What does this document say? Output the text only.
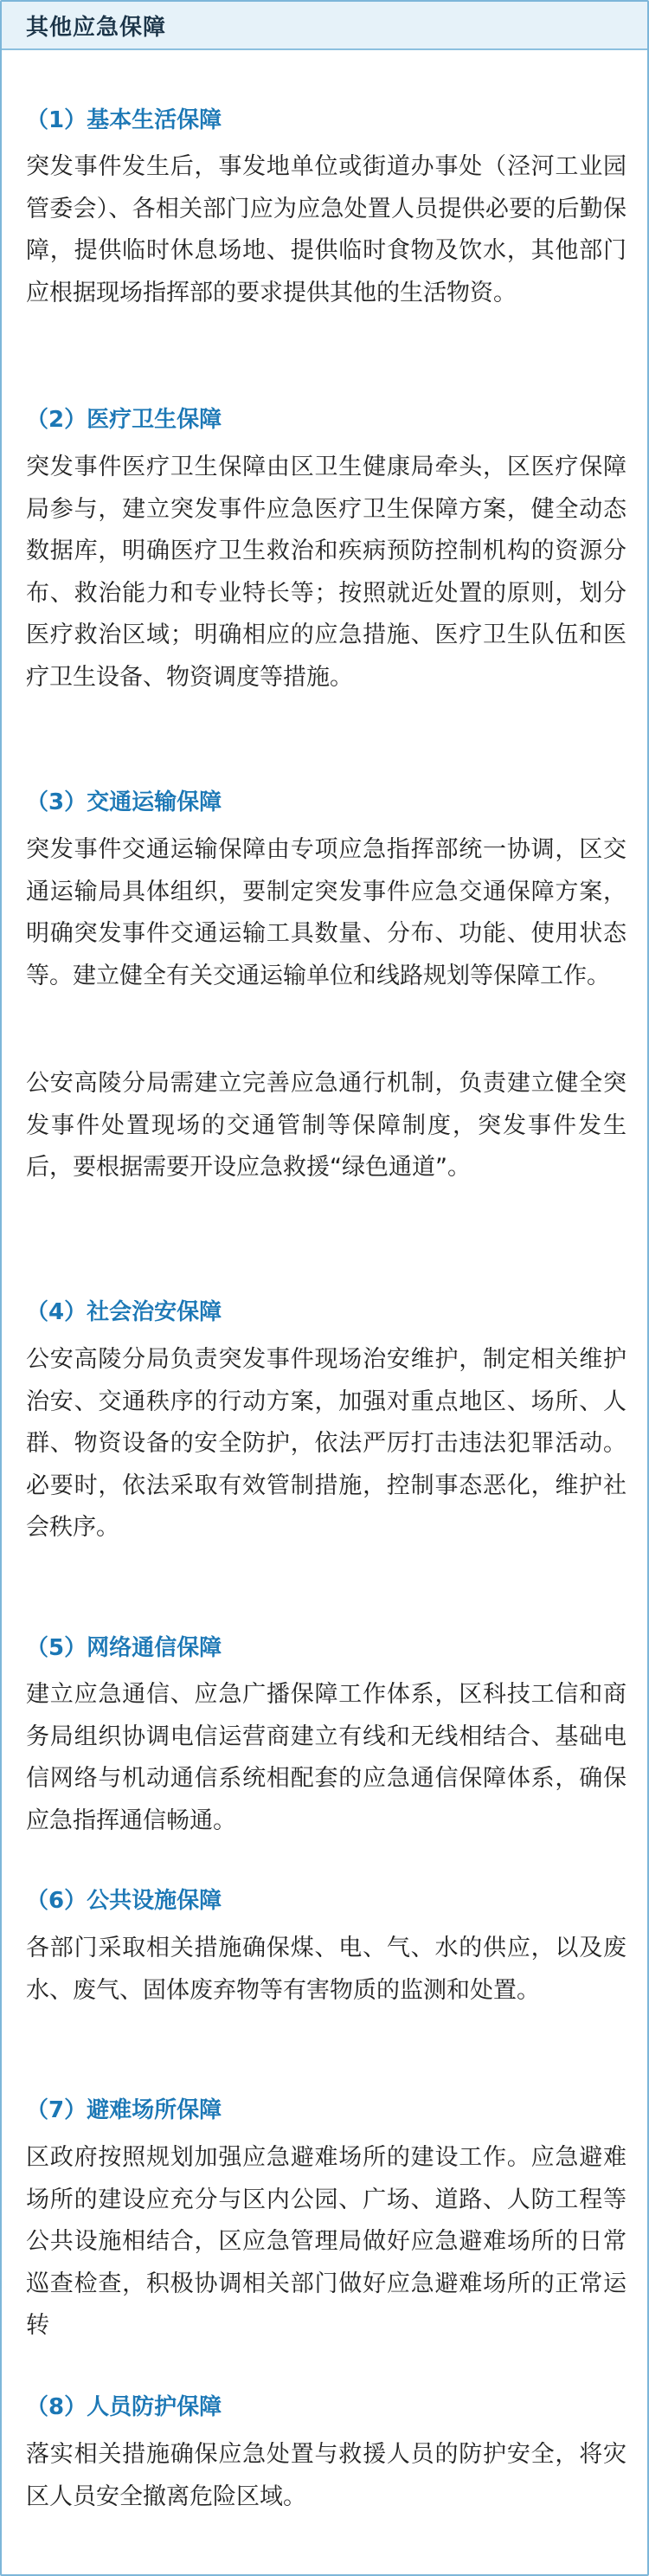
其他应急保障
（1）基本生活保障

突发事件发生后，事发地单位或街道办事处（泾河工业园管委会）、各相关部门应为应急处置人员提供必要的后勤保障，提供临时休息场地、提供临时食物及饮水，其他部门应根据现场指挥部的要求提供其他的生活物资。

（2）医疗卫生保障

突发事件医疗卫生保障由区卫生健康局牵头，区医疗保障局参与，建立突发事件应急医疗卫生保障方案，健全动态数据库，明确医疗卫生救治和疾病预防控制机构的资源分布、救治能力和专业特长等；按照就近处置的原则，划分医疗救治区域；明确相应的应急措施、医疗卫生队伍和医疗卫生设备、物资调度等措施。

（3）交通运输保障

突发事件交通运输保障由专项应急指挥部统一协调，区交通运输局具体组织，要制定突发事件应急交通保障方案，明确突发事件交通运输工具数量、分布、功能、使用状态等。建立健全有关交通运输单位和线路规划等保障工作。

公安高陵分局需建立完善应急通行机制，负责建立健全突发事件处置现场的交通管制等保障制度，突发事件发生后，要根据需要开设应急救援“绿色通道”。

（4）社会治安保障

公安高陵分局负责突发事件现场治安维护，制定相关维护治安、交通秩序的行动方案，加强对重点地区、场所、人群、物资设备的安全防护，依法严厉打击违法犯罪活动。必要时，依法采取有效管制措施，控制事态恶化，维护社会秩序。

（5）网络通信保障

建立应急通信、应急广播保障工作体系，区科技工信和商务局组织协调电信运营商建立有线和无线相结合、基础电信网络与机动通信系统相配套的应急通信保障体系，确保应急指挥通信畅通。

（6）公共设施保障

各部门采取相关措施确保煤、电、气、水的供应，以及废水、废气、固体废弃物等有害物质的监测和处置。

（7）避难场所保障

区政府按照规划加强应急避难场所的建设工作。应急避难场所的建设应充分与区内公园、广场、道路、人防工程等公共设施相结合，区应急管理局做好应急避难场所的日常巡查检查，积极协调相关部门做好应急避难场所的正常运转

（8）人员防护保障

落实相关措施确保应急处置与救援人员的防护安全，将灾区人员安全撤离危险区域。
